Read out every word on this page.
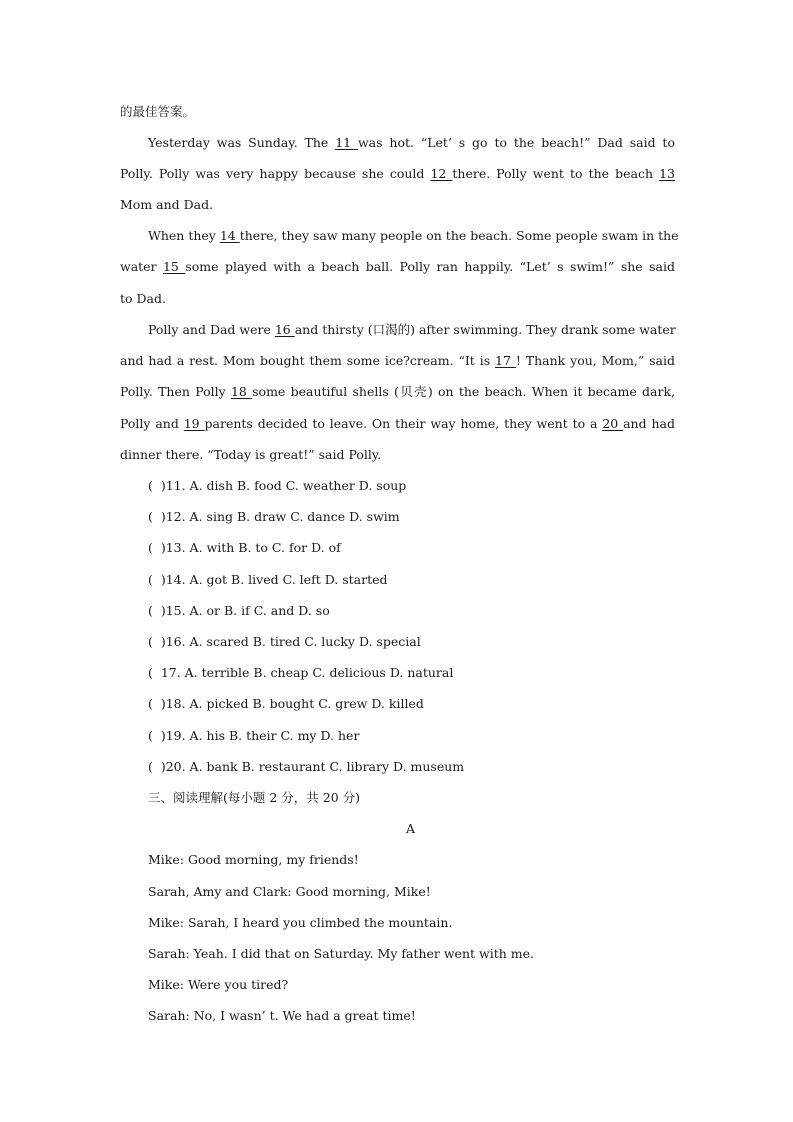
的最佳答案。
Yesterday was Sunday. The 11 was hot. “Let’ s go to the beach!” Dad said to
Polly. Polly was very happy because she could 12 there. Polly went to the beach 13
Mom and Dad.
When they 14 there, they saw many people on the beach. Some people swam in the
water 15 some played with a beach ball. Polly ran happily. “Let’ s swim!” she said
to Dad.
Polly and Dad were 16 and thirsty (口渴的) after swimming. They drank some water
and had a rest. Mom bought them some ice?cream. “It is 17 ! Thank you, Mom,” said
Polly. Then Polly 18 some beautiful shells (贝壳) on the beach. When it became dark,
Polly and 19 parents decided to leave. On their way home, they went to a 20 and had
dinner there. “Today is great!” said Polly.
(  )11. A. dish B. food C. weather D. soup
(  )12. A. sing B. draw C. dance D. swim
(  )13. A. with B. to C. for D. of
(  )14. A. got B. lived C. left D. started
(  )15. A. or B. if C. and D. so
(  )16. A. scared B. tired C. lucky D. special
(  17. A. terrible B. cheap C. delicious D. natural
(  )18. A. picked B. bought C. grew D. killed
(  )19. A. his B. their C. my D. her
(  )20. A. bank B. restaurant C. library D. museum
三、阅读理解(每小题 2 分，共 20 分)
A
Mike: Good morning, my friends!
Sarah, Amy and Clark: Good morning, Mike!
Mike: Sarah, I heard you climbed the mountain.
Sarah: Yeah. I did that on Saturday. My father went with me.
Mike: Were you tired?
Sarah: No, I wasn’ t. We had a great time!
